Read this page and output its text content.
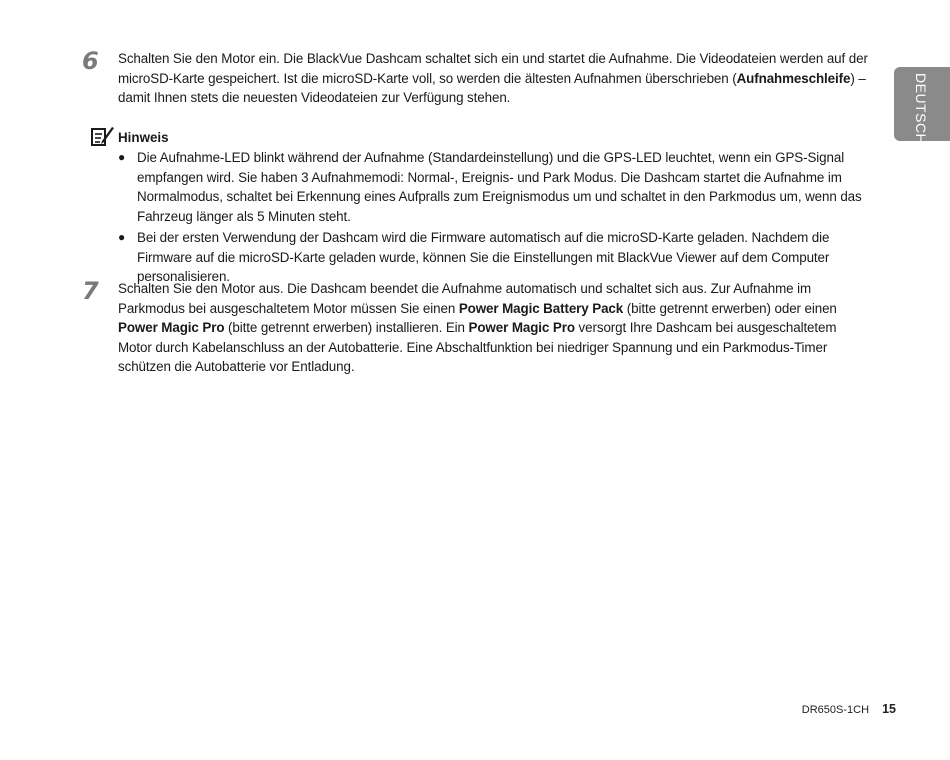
DEUTSCH
6 Schalten Sie den Motor ein. Die BlackVue Dashcam schaltet sich ein und startet die Aufnahme. Die Videodateien werden auf der microSD-Karte gespeichert. Ist die microSD-Karte voll, so werden die ältesten Aufnahmen überschrieben (Aufnahmeschleife) – damit Ihnen stets die neuesten Videodateien zur Verfügung stehen.
Hinweis
● Die Aufnahme-LED blinkt während der Aufnahme (Standardeinstellung) und die GPS-LED leuchtet, wenn ein GPS-Signal empfangen wird. Sie haben 3 Aufnahmemodi: Normal-, Ereignis- und Park Modus. Die Dashcam startet die Aufnahme im Normalmodus, schaltet bei Erkennung eines Aufpralls zum Ereignismodus um und schaltet in den Parkmodus um, wenn das Fahrzeug länger als 5 Minuten steht.
● Bei der ersten Verwendung der Dashcam wird die Firmware automatisch auf die microSD-Karte geladen. Nachdem die Firmware auf die microSD-Karte geladen wurde, können Sie die Einstellungen mit BlackVue Viewer auf dem Computer personalisieren.
7 Schalten Sie den Motor aus. Die Dashcam beendet die Aufnahme automatisch und schaltet sich aus. Zur Aufnahme im Parkmodus bei ausgeschaltetem Motor müssen Sie einen Power Magic Battery Pack (bitte getrennt erwerben) oder einen Power Magic Pro (bitte getrennt erwerben) installieren. Ein Power Magic Pro versorgt Ihre Dashcam bei ausgeschaltetem Motor durch Kabelanschluss an der Autobatterie. Eine Abschaltfunktion bei niedriger Spannung und ein Parkmodus-Timer schützen die Autobatterie vor Entladung.
DR650S-1CH 15
